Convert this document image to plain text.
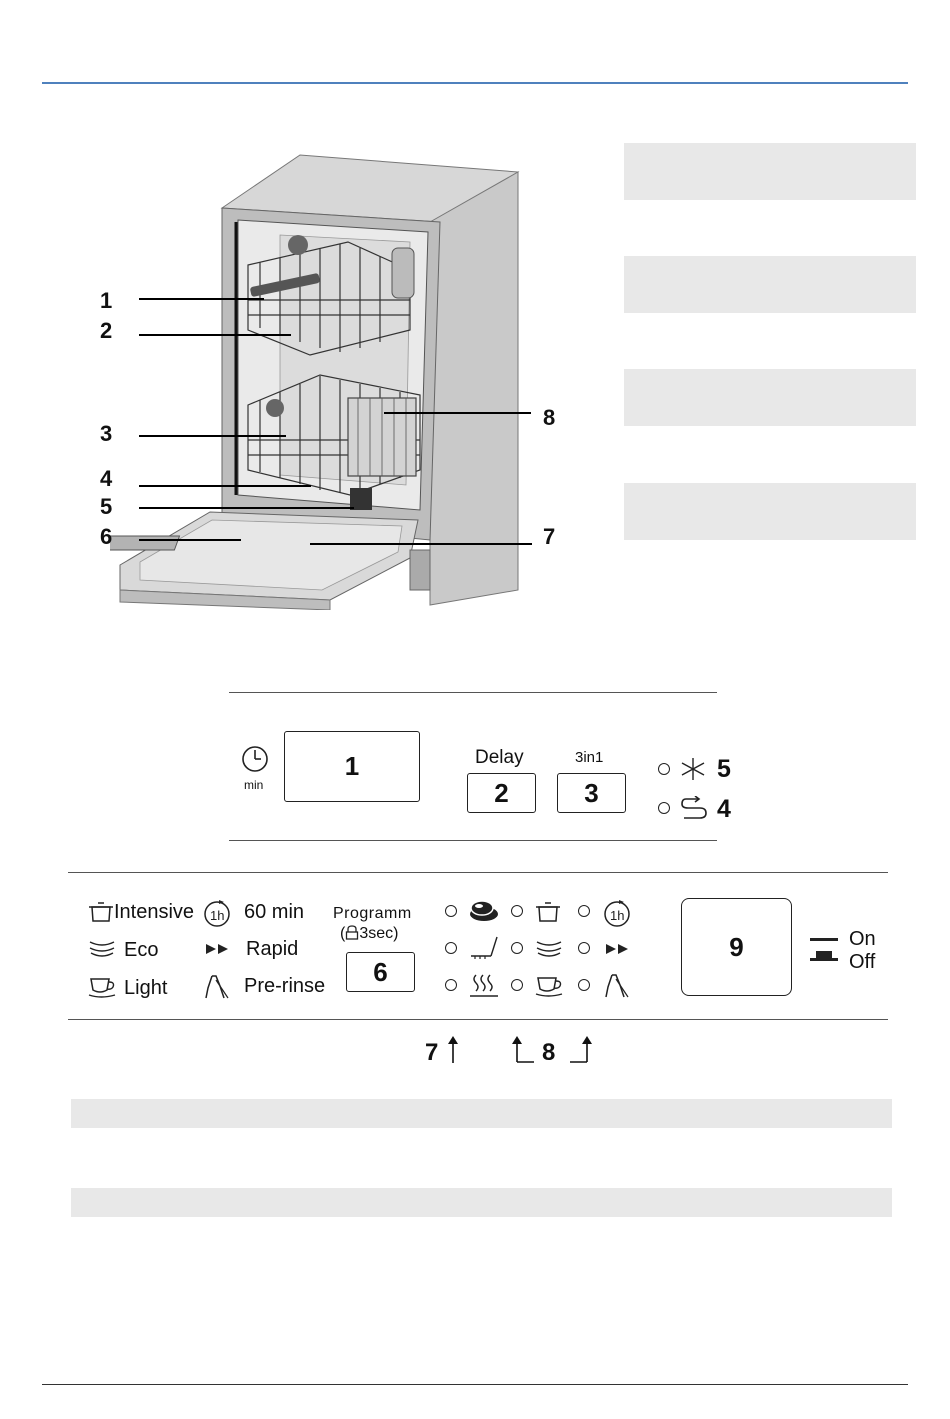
1
2
3
4
5
6
8
7
min
1	Delay
2
3in1
3
5
4
Intensive
Eco
Light
1h 60 min
Rapid
Pre-rinse
Programm
( 3sec)
6
1h
9	On
Off
7	8
